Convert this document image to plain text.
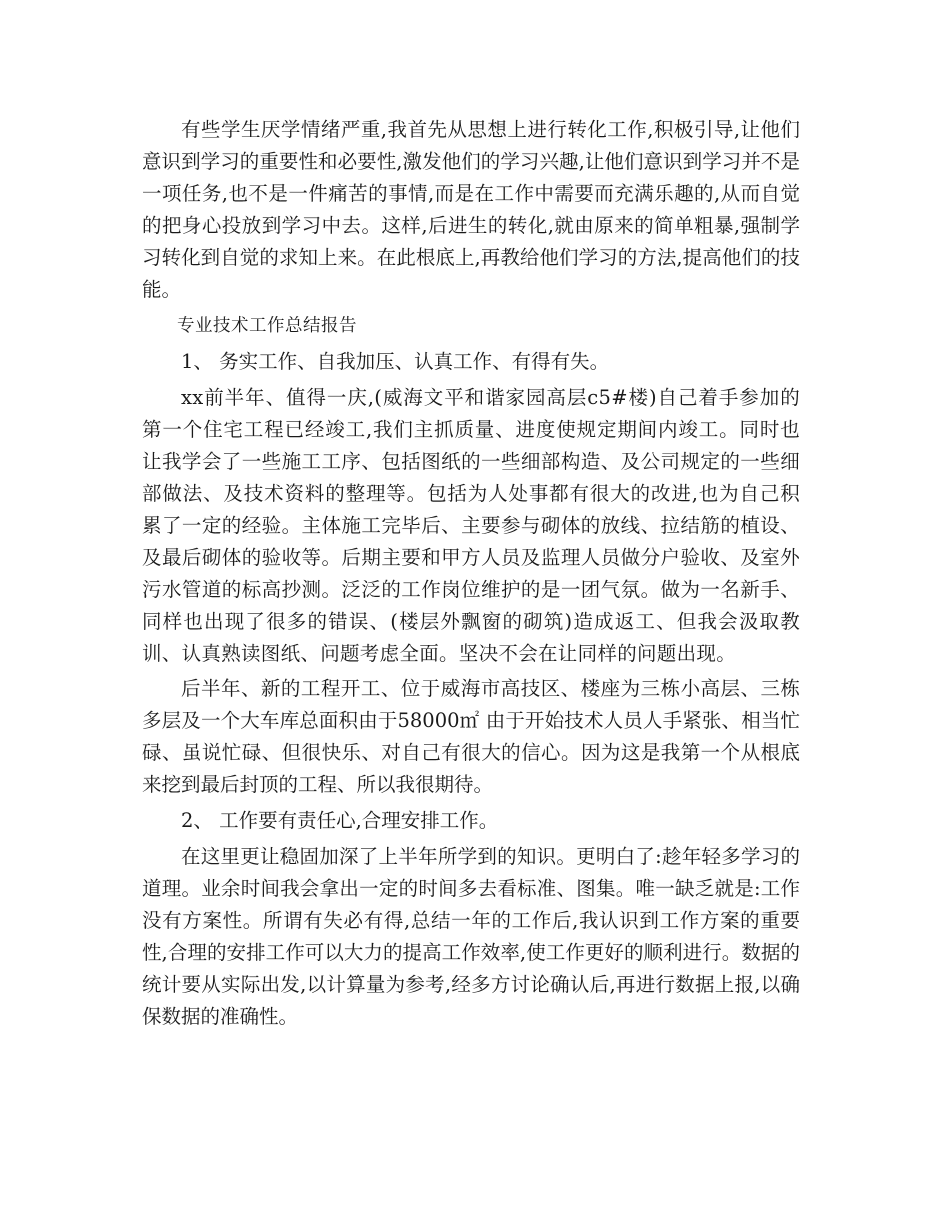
有些学生厌学情绪严重,我首先从思想上进行转化工作,积极引导,让他们意识到学习的重要性和必要性,激发他们的学习兴趣,让他们意识到学习并不是一项任务,也不是一件痛苦的事情,而是在工作中需要而充满乐趣的,从而自觉的把身心投放到学习中去。这样,后进生的转化,就由原来的简单粗暴,强制学习转化到自觉的求知上来。在此根底上,再教给他们学习的方法,提高他们的技能。

专业技术工作总结报告

1、 务实工作、自我加压、认真工作、有得有失。

xx前半年、值得一庆,(威海文平和谐家园高层c5#楼)自己着手参加的第一个住宅工程已经竣工,我们主抓质量、进度使规定期间内竣工。同时也让我学会了一些施工工序、包括图纸的一些细部构造、及公司规定的一些细部做法、及技术资料的整理等。包括为人处事都有很大的改进,也为自己积累了一定的经验。主体施工完毕后、主要参与砌体的放线、拉结筋的植设、及最后砌体的验收等。后期主要和甲方人员及监理人员做分户验收、及室外污水管道的标高抄测。泛泛的工作岗位维护的是一团气氛。做为一名新手、同样也出现了很多的错误、(楼层外飘窗的砌筑)造成返工、但我会汲取教训、认真熟读图纸、问题考虑全面。坚决不会在让同样的问题出现。

后半年、新的工程开工、位于威海市高技区、楼座为三栋小高层、三栋多层及一个大车库总面积由于58000㎡ 由于开始技术人员人手紧张、相当忙碌、虽说忙碌、但很快乐、对自己有很大的信心。因为这是我第一个从根底来挖到最后封顶的工程、所以我很期待。

2、 工作要有责任心,合理安排工作。

在这里更让稳固加深了上半年所学到的知识。更明白了:趁年轻多学习的道理。业余时间我会拿出一定的时间多去看标准、图集。唯一缺乏就是:工作没有方案性。所谓有失必有得,总结一年的工作后,我认识到工作方案的重要性,合理的安排工作可以大力的提高工作效率,使工作更好的顺利进行。数据的统计要从实际出发,以计算量为参考,经多方讨论确认后,再进行数据上报,以确保数据的准确性。
